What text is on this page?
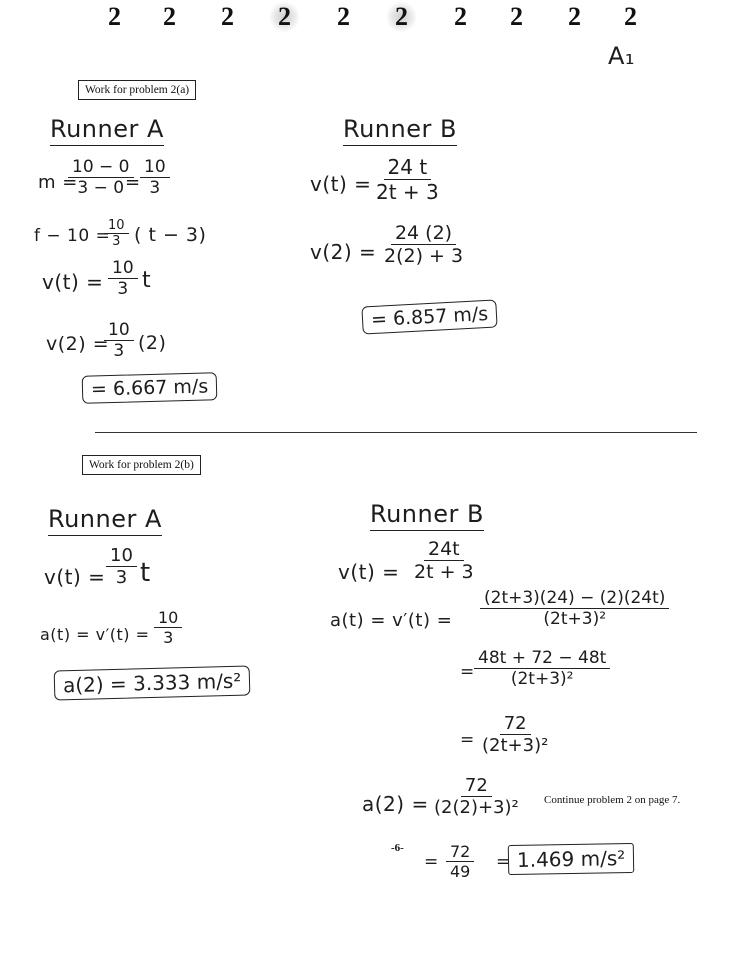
2 2 2	2	2	2	2 2 2 2
A₁
Work for problem 2(a)
Runner A
m =
$\frac{10 - 0}{3 - 0}$
= $\frac{10}{3}$
f − 10 =
$\frac{10}{3}$ ( t − 3)
$v(t) = \frac{10}{3}$ t
v(2) =
$\frac{10}{3} (2)$
= 6.667 m/s
Runner B
$v(t) = \frac{24 t}{2t + 3}$
$v(2) = \frac{24 (2)}{2(2) + 3}$
= 6.857 m/s
Work for problem 2(b)
Runner A
$v(t) = \frac{10}{3}$ t
$a(t) = v'(t) = \frac{10}{3}$
a(2) = 3.333 m/s²
Runner B
$v(t) = \frac{24t}{2t + 3}$
$a(t) = v'(t) = \frac{(2t+3)(24) - (2)(24t)}{\text{(2t+3)²}}$
= $\frac{48t + 72 - 48t}{\text{(2t+3)²}}$
= $\frac{72}{\text{(2t+3)²}}$
$a(2) = \frac{72}{\text{(2(2)+3)²}}$
= $\frac{72}{49} = 1.469$ m/s²
Continue problem 2 on page 7.
-6-
